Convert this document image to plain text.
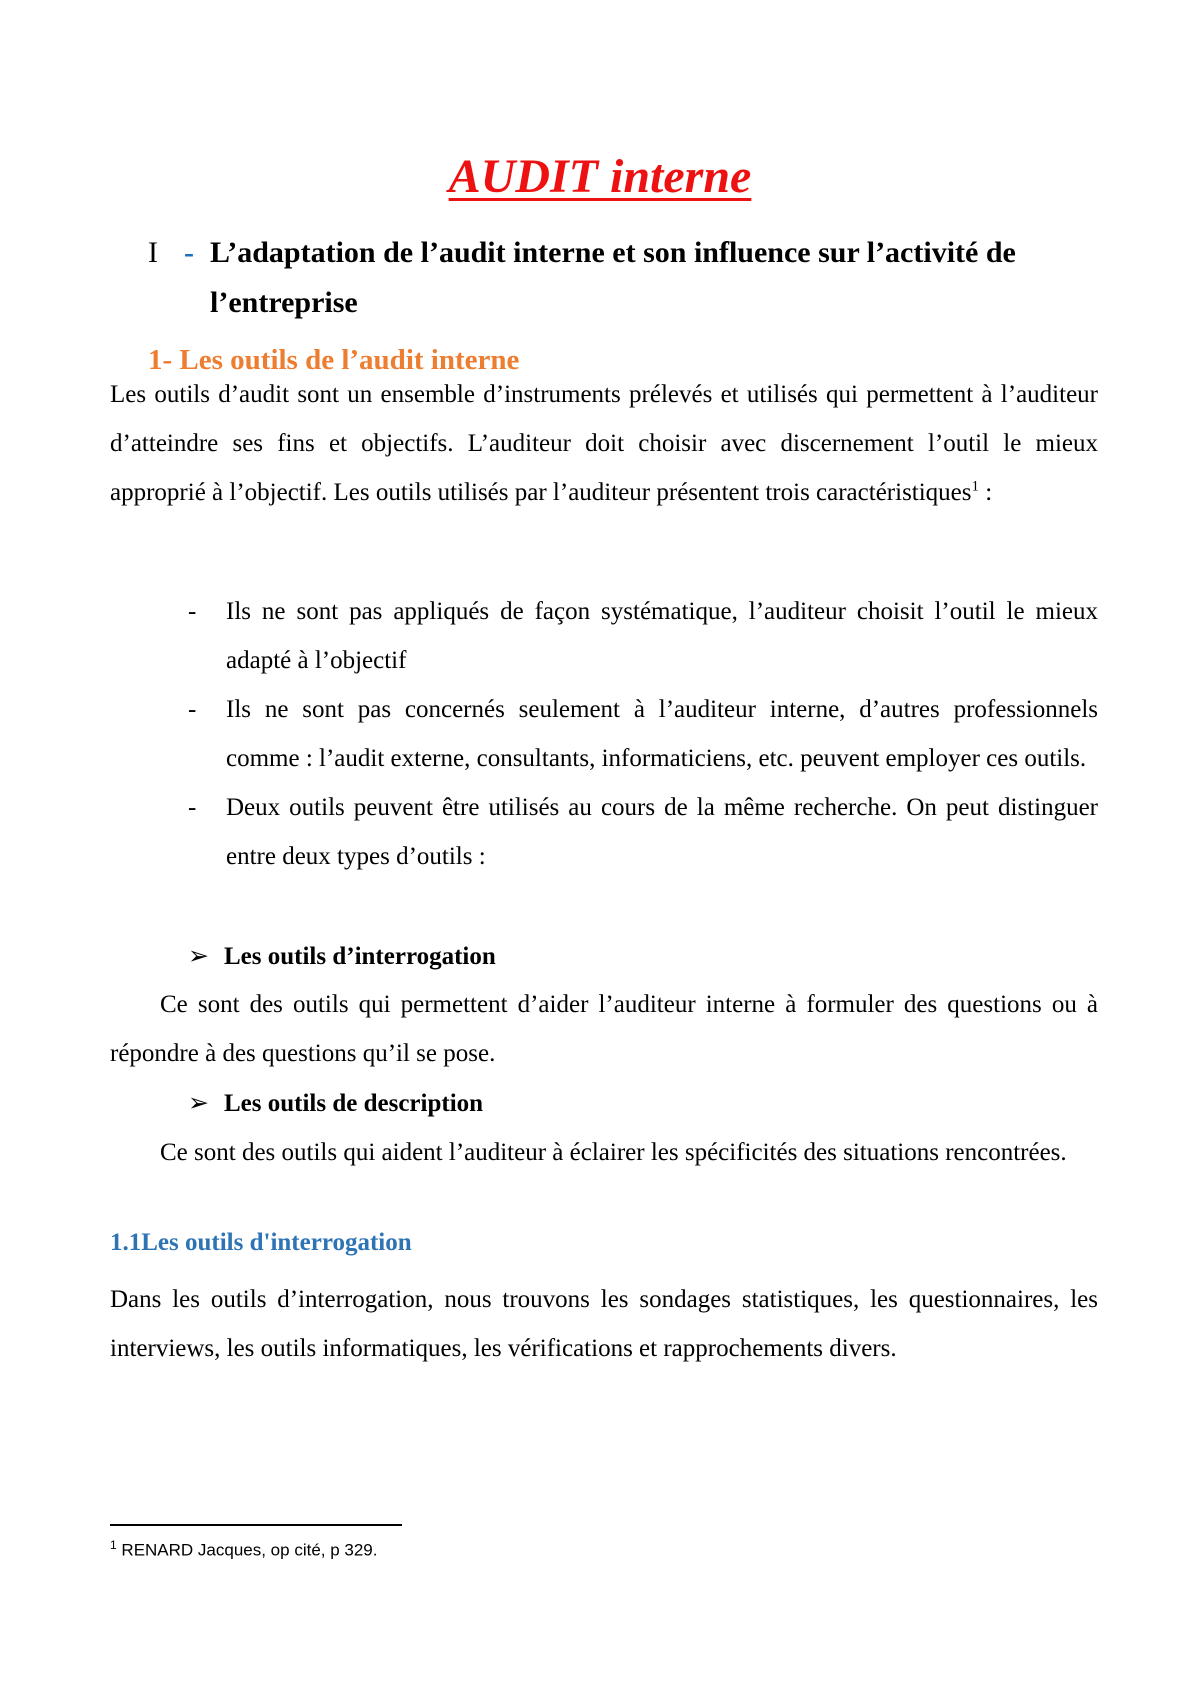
AUDIT interne
I - L’adaptation de l’audit interne et son influence sur l’activité de
l’entreprise
1- Les outils de l’audit interne
Les outils d’audit sont un ensemble d’instruments prélevés et utilisés qui permettent à l’auditeur d’atteindre ses fins et objectifs. L’auditeur doit choisir avec discernement l’outil le mieux approprié à l’objectif. Les outils utilisés par l’auditeur présentent trois caractéristiques$^1$ :
- Ils ne sont pas appliqués de façon systématique, l’auditeur choisit l’outil le mieux adapté à l’objectif
- Ils ne sont pas concernés seulement à l’auditeur interne, d’autres professionnels comme : l’audit externe, consultants, informaticiens, etc. peuvent employer ces outils.
- Deux outils peuvent être utilisés au cours de la même recherche. On peut distinguer entre deux types d’outils :
➢ Les outils d’interrogation
Ce sont des outils qui permettent d’aider l’auditeur interne à formuler des questions ou à répondre à des questions qu’il se pose.
➢ Les outils de description
Ce sont des outils qui aident l’auditeur à éclairer les spécificités des situations rencontrées.
1.1Les outils d'interrogation
Dans les outils d’interrogation, nous trouvons les sondages statistiques, les questionnaires, les interviews, les outils informatiques, les vérifications et rapprochements divers.
$^1$ RENARD Jacques, op cité, p 329.
